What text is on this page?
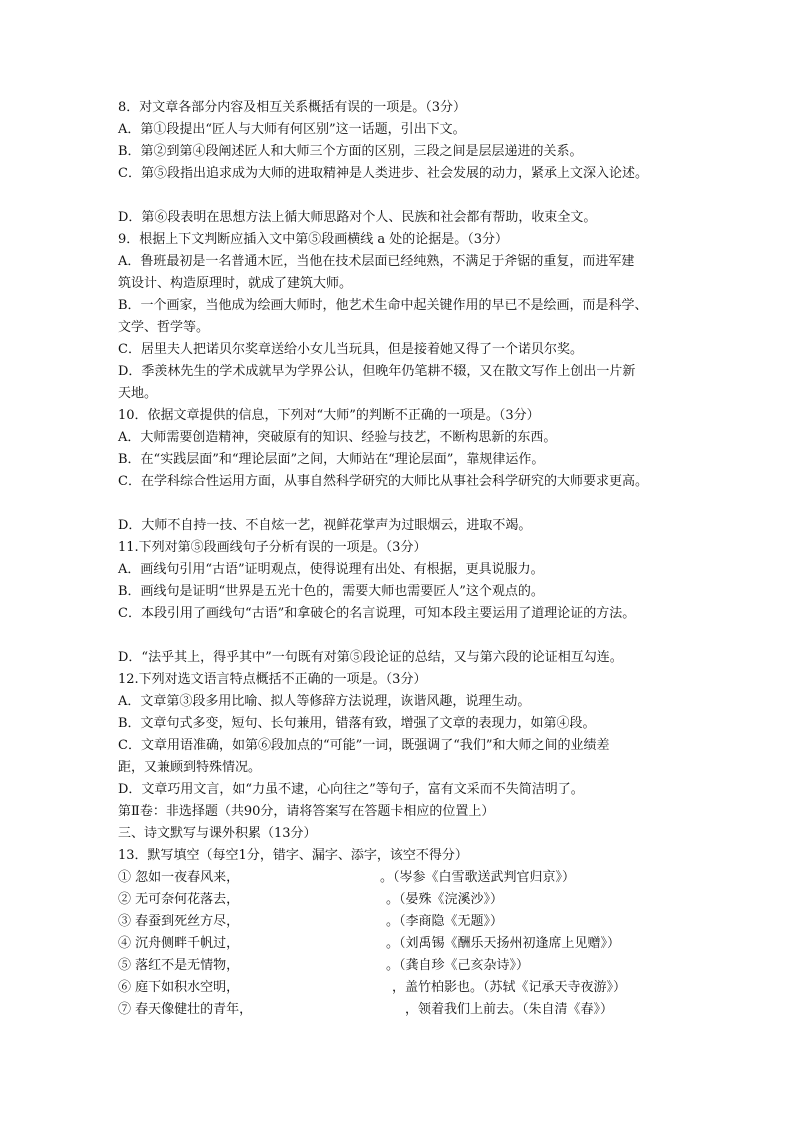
8．对文章各部分内容及相互关系概括有误的一项是。（3分）
A．第①段提出“匠人与大师有何区别”这一话题，引出下文。
B．第②到第④段阐述匠人和大师三个方面的区别，三段之间是层层递进的关系。
C．第⑤段指出追求成为大师的进取精神是人类进步、社会发展的动力，紧承上文深入论述。
D．第⑥段表明在思想方法上循大师思路对个人、民族和社会都有帮助，收束全文。
9．根据上下文判断应插入文中第⑤段画横线 a 处的论据是。（3分）
A．鲁班最初是一名普通木匠，当他在技术层面已经纯熟，不满足于斧锯的重复，而进军建
筑设计、构造原理时，就成了建筑大师。
B．一个画家，当他成为绘画大师时，他艺术生命中起关键作用的早已不是绘画，而是科学、
文学、哲学等。
C．居里夫人把诺贝尔奖章送给小女儿当玩具，但是接着她又得了一个诺贝尔奖。
D．季羡林先生的学术成就早为学界公认，但晚年仍笔耕不辍，又在散文写作上创出一片新
天地。
10．依据文章提供的信息，下列对“大师”的判断不正确的一项是。（3分）
A．大师需要创造精神，突破原有的知识、经验与技艺，不断构思新的东西。
B．在“实践层面”和“理论层面”之间，大师站在“理论层面”，靠规律运作。
C．在学科综合性运用方面，从事自然科学研究的大师比从事社会科学研究的大师要求更高。
D．大师不自持一技、不自炫一艺，视鲜花掌声为过眼烟云，进取不竭。
11.下列对第⑤段画线句子分析有误的一项是。（3分）
A．画线句引用“古语”证明观点，使得说理有出处、有根据，更具说服力。
B．画线句是证明“世界是五光十色的，需要大师也需要匠人”这个观点的。
C．本段引用了画线句“古语”和拿破仑的名言说理，可知本段主要运用了道理论证的方法。
D．“法乎其上，得乎其中”一句既有对第⑤段论证的总结，又与第六段的论证相互勾连。
12.下列对选文语言特点概括不正确的一项是。（3分）
A．文章第③段多用比喻、拟人等修辞方法说理，诙谐风趣，说理生动。
B．文章句式多变，短句、长句兼用，错落有致，增强了文章的表现力，如第④段。
C．文章用语准确，如第⑥段加点的“可能”一词，既强调了“我们”和大师之间的业绩差
距，又兼顾到特殊情况。
D．文章巧用文言，如“力虽不逮，心向往之”等句子，富有文采而不失简洁明了。
第Ⅱ卷：非选择题（共90分，请将答案写在答题卡相应的位置上）
三、诗文默写与课外积累（13分）
13．默写填空（每空1分，错字、漏字、添字，该空不得分）
① 忽如一夜春风来，	。（岑参《白雪歌送武判官归京》）
② 无可奈何花落去，	。（晏殊《浣溪沙》）
③ 春蚕到死丝方尽，	。（李商隐《无题》）
④ 沉舟侧畔千帆过，	。（刘禹锡《酬乐天扬州初逢席上见赠》）
⑤ 落红不是无情物，	。（龚自珍《己亥杂诗》）
⑥ 庭下如积水空明，	，盖竹柏影也。（苏轼《记承天寺夜游》）
⑦ 春天像健壮的青年，	，领着我们上前去。（朱自清《春》）
